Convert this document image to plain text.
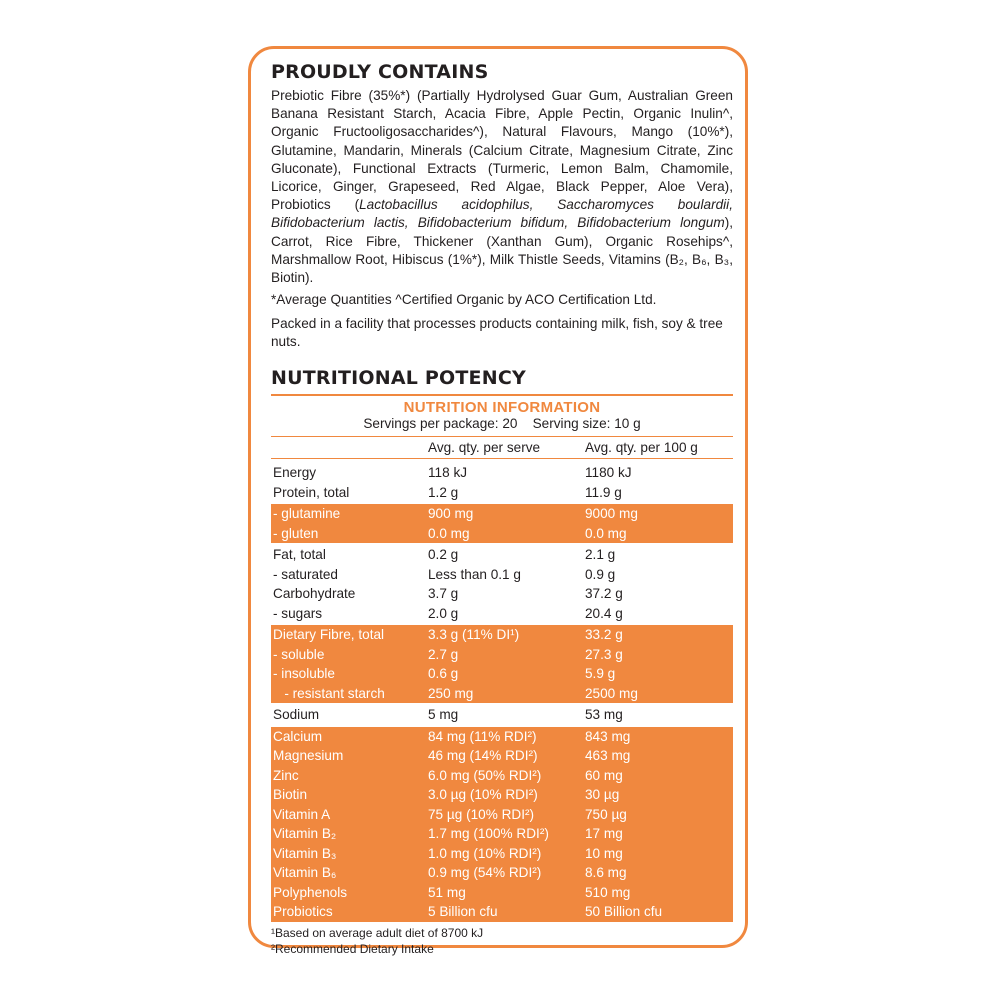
PROUDLY CONTAINS

Prebiotic Fibre (35%*) (Partially Hydrolysed Guar Gum, Australian Green Banana Resistant Starch, Acacia Fibre, Apple Pectin, Organic Inulin^, Organic Fructooligosaccharides^), Natural Flavours, Mango (10%*), Glutamine, Mandarin, Minerals (Calcium Citrate, Magnesium Citrate, Zinc Gluconate), Functional Extracts (Turmeric, Lemon Balm, Chamomile, Licorice, Ginger, Grapeseed, Red Algae, Black Pepper, Aloe Vera), Probiotics (Lactobacillus acidophilus, Saccharomyces boulardii, Bifidobacterium lactis, Bifidobacterium bifidum, Bifidobacterium longum), Carrot, Rice Fibre, Thickener (Xanthan Gum), Organic Rosehips^, Marshmallow Root, Hibiscus (1%*), Milk Thistle Seeds, Vitamins (B₂, B₆, B₃, Biotin).

*Average Quantities ^Certified Organic by ACO Certification Ltd.

Packed in a facility that processes products containing milk, fish, soy & tree nuts.

NUTRITIONAL POTENCY
NUTRITION INFORMATION
Servings per package: 20    Serving size: 10 g
Avg. qty. per serve	Avg. qty. per 100 g
Energy	118 kJ	1180 kJ
Protein, total	1.2 g	11.9 g
- glutamine	900 mg	9000 mg
- gluten	0.0 mg	0.0 mg
Fat, total	0.2 g	2.1 g
- saturated	Less than 0.1 g	0.9 g
Carbohydrate	3.7 g	37.2 g
- sugars	2.0 g	20.4 g
Dietary Fibre, total	3.3 g (11% DI¹)	33.2 g
- soluble	2.7 g	27.3 g
- insoluble	0.6 g	5.9 g
- resistant starch	250 mg	2500 mg
Sodium	5 mg	53 mg
Calcium	84 mg (11% RDI²)	843 mg
Magnesium	46 mg (14% RDI²)	463 mg
Zinc	6.0 mg (50% RDI²)	60 mg
Biotin	3.0 µg (10% RDI²)	30 µg
Vitamin A	75 µg (10% RDI²)	750 µg
Vitamin B₂	1.7 mg (100% RDI²)	17 mg
Vitamin B₃	1.0 mg (10% RDI²)	10 mg
Vitamin B₆	0.9 mg (54% RDI²)	8.6 mg
Polyphenols	51 mg	510 mg
Probiotics	5 Billion cfu	50 Billion cfu
¹Based on average adult diet of 8700 kJ
²Recommended Dietary Intake
